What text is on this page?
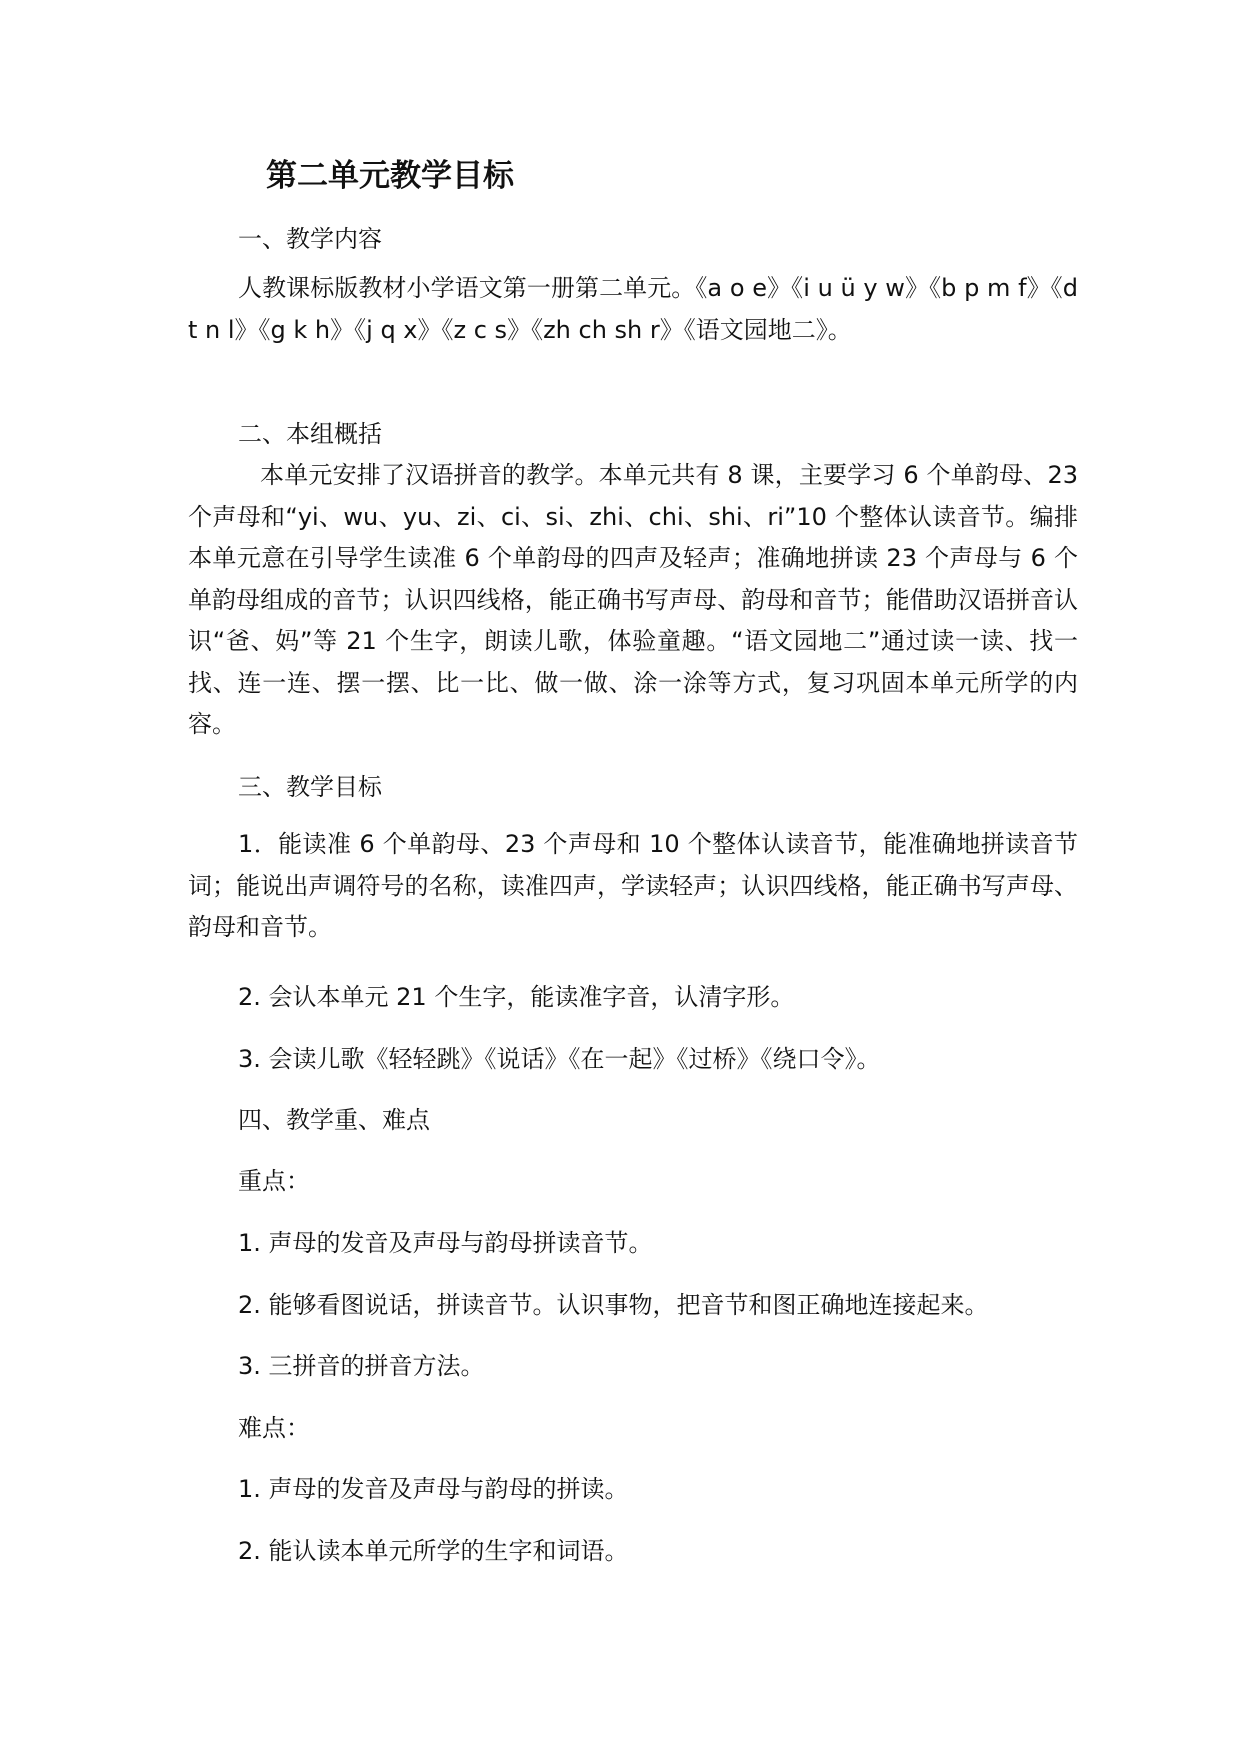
第二单元教学目标
一、教学内容

人教课标版教材小学语文第一册第二单元。《a o e》《i u ü y w》《b p m f》《d t n l》《g k h》《j q x》《z c s》《zh ch sh r》《语文园地二》。

二、本组概括

本单元安排了汉语拼音的教学。本单元共有 8 课，主要学习 6 个单韵母、23 个声母和“yi、wu、yu、zi、ci、si、zhi、chi、shi、ri”10 个整体认读音节。编排本单元意在引导学生读准 6 个单韵母的四声及轻声；准确地拼读 23 个声母与 6 个单韵母组成的音节；认识四线格，能正确书写声母、韵母和音节；能借助汉语拼音认识“爸、妈”等 21 个生字，朗读儿歌，体验童趣。“语文园地二”通过读一读、找一找、连一连、摆一摆、比一比、做一做、涂一涂等方式，复习巩固本单元所学的内容。

三、教学目标

1．能读准 6 个单韵母、23 个声母和 10 个整体认读音节，能准确地拼读音节词；能说出声调符号的名称，读准四声，学读轻声；认识四线格，能正确书写声母、韵母和音节。

2. 会认本单元 21 个生字，能读准字音，认清字形。
3. 会读儿歌《轻轻跳》《说话》《在一起》《过桥》《绕口令》。
四、教学重、难点
重点：
1. 声母的发音及声母与韵母拼读音节。
2. 能够看图说话，拼读音节。认识事物，把音节和图正确地连接起来。
3. 三拼音的拼音方法。
难点：
1. 声母的发音及声母与韵母的拼读。
2. 能认读本单元所学的生字和词语。
